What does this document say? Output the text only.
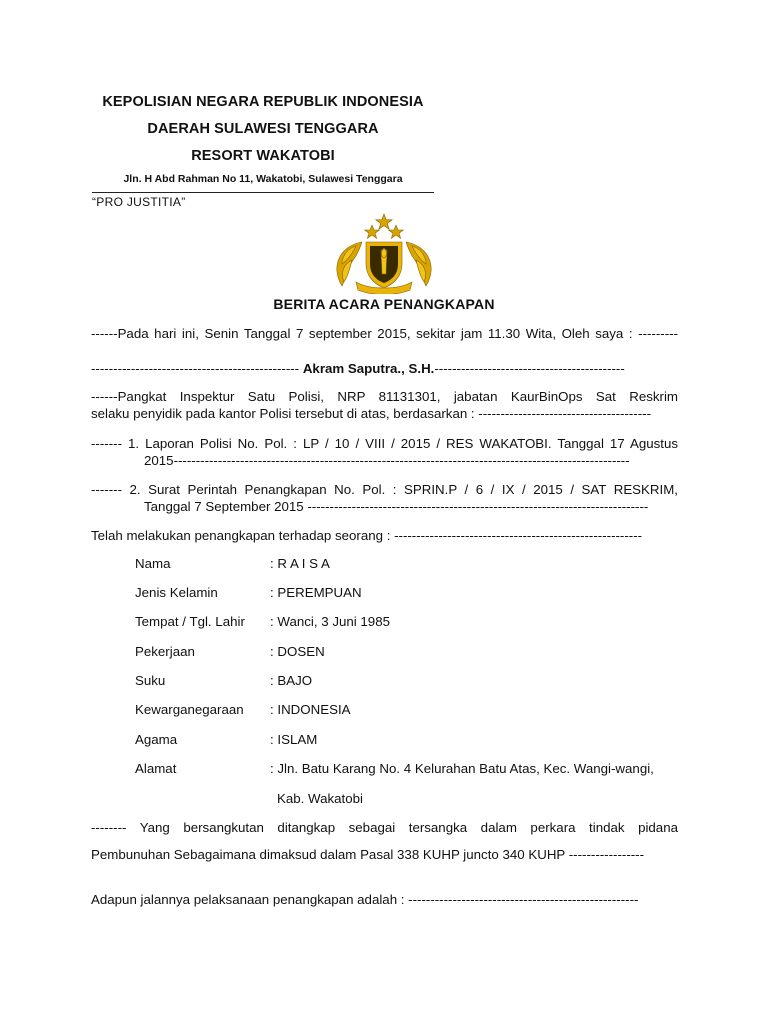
KEPOLISIAN NEGARA REPUBLIK INDONESIA
DAERAH SULAWESI TENGGARA
RESORT WAKATOBI
Jln. H Abd Rahman No 11, Wakatobi, Sulawesi Tenggara
“PRO JUSTITIA”
BERITA ACARA PENANGKAPAN
------Pada hari ini, Senin Tanggal 7 september 2015, sekitar jam 11.30 Wita, Oleh saya : ---------
----------------------------------------------- Akram Saputra., S.H.-------------------------------------------
------Pangkat Inspektur Satu Polisi, NRP 81131301, jabatan KaurBinOps Sat Reskrim
selaku penyidik pada kantor Polisi tersebut di atas, berdasarkan : ---------------------------------------
------- 1. Laporan Polisi No. Pol. : LP / 10 / VIII / 2015 / RES WAKATOBI. Tanggal 17 Agustus
2015-------------------------------------------------------------------------------------------------------
------- 2. Surat Perintah Penangkapan No. Pol. : SPRIN.P / 6 / IX / 2015 / SAT RESKRIM,
Tanggal 7 September 2015 -----------------------------------------------------------------------------
Telah melakukan penangkapan terhadap seorang : --------------------------------------------------------
Nama	: R A I S A
Jenis Kelamin	: PEREMPUAN
Tempat / Tgl. Lahir : Wanci, 3 Juni 1985
Pekerjaan	: DOSEN
Suku	: BAJO
Kewarganegaraan : INDONESIA
Agama	: ISLAM
Alamat	: Jln. Batu Karang No. 4 Kelurahan Batu Atas, Kec. Wangi-wangi,
Kab. Wakatobi
-------- Yang bersangkutan ditangkap sebagai tersangka dalam perkara tindak pidana
Pembunuhan Sebagaimana dimaksud dalam Pasal 338 KUHP juncto 340 KUHP -----------------
Adapun jalannya pelaksanaan penangkapan adalah : ----------------------------------------------------
